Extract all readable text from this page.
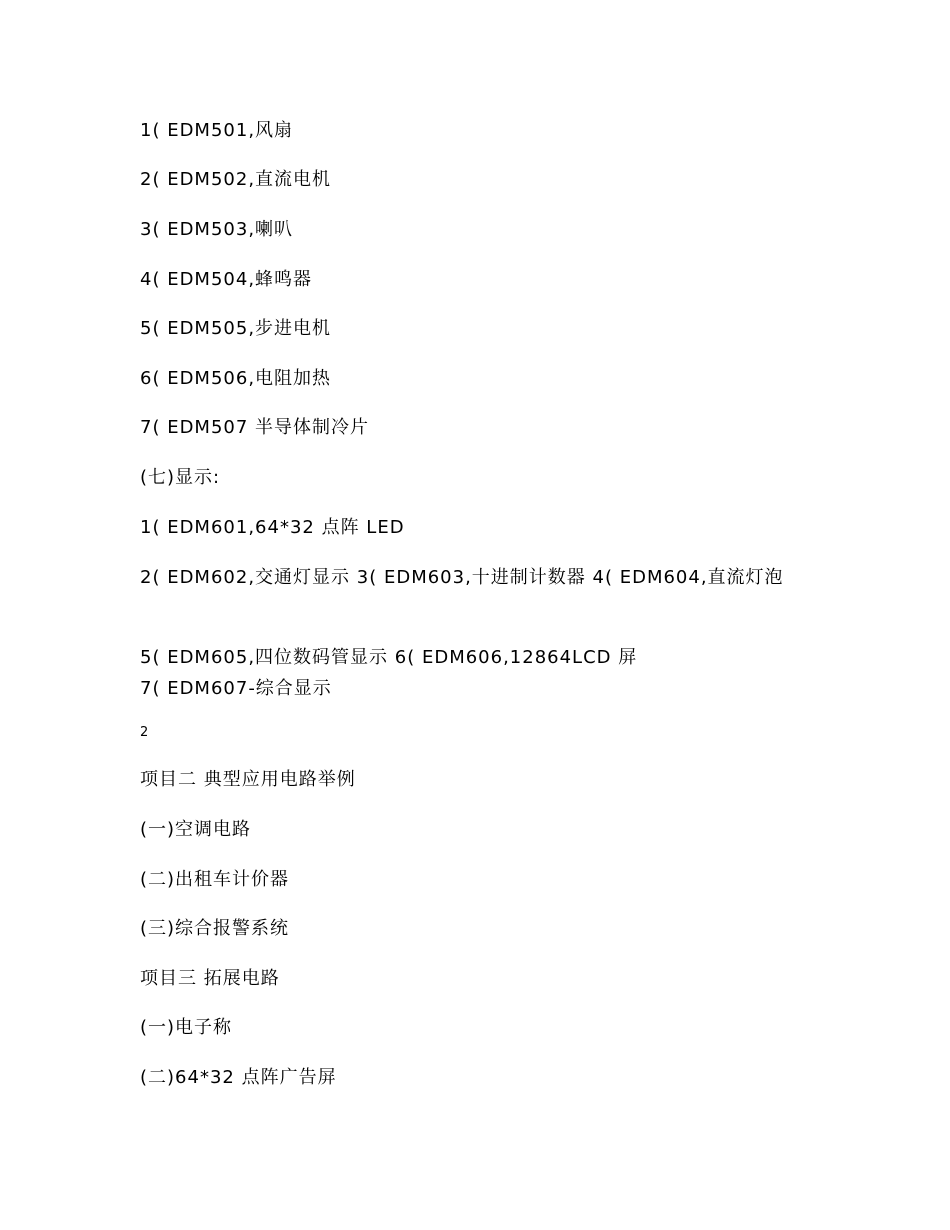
1( EDM501,风扇
2( EDM502,直流电机
3( EDM503,喇叭
4( EDM504,蜂鸣器
5( EDM505,步进电机
6( EDM506,电阻加热
7( EDM507 半导体制冷片
(七)显示:
1( EDM601,64*32 点阵 LED
2( EDM602,交通灯显示 3( EDM603,十进制计数器 4( EDM604,直流灯泡
5( EDM605,四位数码管显示 6( EDM606,12864LCD 屏
7( EDM607-综合显示
2
项目二 典型应用电路举例
(一)空调电路
(二)出租车计价器
(三)综合报警系统
项目三 拓展电路
(一)电子称
(二)64*32 点阵广告屏
